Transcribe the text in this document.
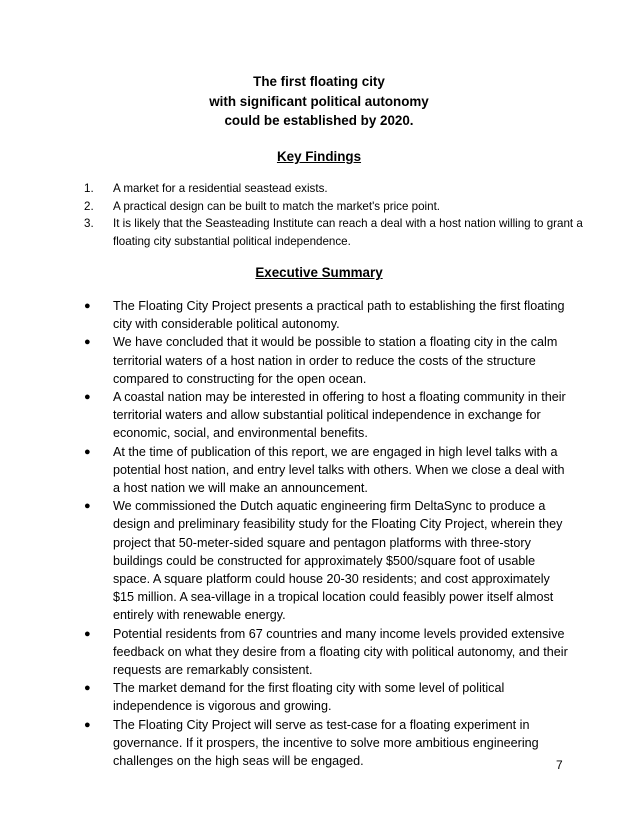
The first floating city
with significant political autonomy
could be established by 2020.
Key Findings
1. A market for a residential seastead exists.
2. A practical design can be built to match the market's price point.
3. It is likely that the Seasteading Institute can reach a deal with a host nation willing to grant a floating city substantial political independence.
Executive Summary
● The Floating City Project presents a practical path to establishing the first floating city with considerable political autonomy.
● We have concluded that it would be possible to station a floating city in the calm territorial waters of a host nation in order to reduce the costs of the structure compared to constructing for the open ocean.
● A coastal nation may be interested in offering to host a floating community in their territorial waters and allow substantial political independence in exchange for economic, social, and environmental benefits.
● At the time of publication of this report, we are engaged in high level talks with a potential host nation, and entry level talks with others. When we close a deal with a host nation we will make an announcement.
● We commissioned the Dutch aquatic engineering firm DeltaSync to produce a design and preliminary feasibility study for the Floating City Project, wherein they project that 50-meter-sided square and pentagon platforms with three-story buildings could be constructed for approximately $500/square foot of usable space. A square platform could house 20-30 residents; and cost approximately $15 million. A sea-village in a tropical location could feasibly power itself almost entirely with renewable energy.
● Potential residents from 67 countries and many income levels provided extensive feedback on what they desire from a floating city with political autonomy, and their requests are remarkably consistent.
● The market demand for the first floating city with some level of political independence is vigorous and growing.
● The Floating City Project will serve as test-case for a floating experiment in governance. If it prospers, the incentive to solve more ambitious engineering challenges on the high seas will be engaged.	7
